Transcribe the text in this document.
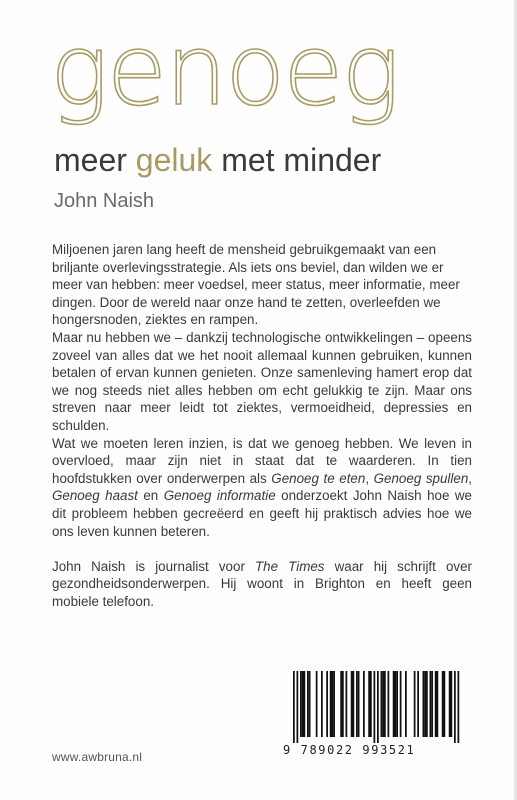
genoeg
meer geluk met minder
John Naish

Miljoenen jaren lang heeft de mensheid gebruikgemaakt van een briljante overlevingsstrategie. Als iets ons beviel, dan wilden we er meer van hebben: meer voedsel, meer status, meer informatie, meer dingen. Door de wereld naar onze hand te zetten, overleefden we hongersnoden, ziektes en rampen.

Maar nu hebben we – dankzij technologische ontwikkelingen – opeens zoveel van alles dat we het nooit allemaal kunnen gebruiken, kunnen betalen of ervan kunnen genieten. Onze samenleving hamert erop dat we nog steeds niet alles hebben om echt gelukkig te zijn. Maar ons streven naar meer leidt tot ziektes, vermoeidheid, depressies en schulden.

Wat we moeten leren inzien, is dat we genoeg hebben. We leven in overvloed, maar zijn niet in staat dat te waarderen. In tien hoofdstukken over onderwerpen als Genoeg te eten, Genoeg spullen, Genoeg haast en Genoeg informatie onderzoekt John Naish hoe we dit probleem hebben gecreëerd en geeft hij praktisch advies hoe we ons leven kunnen beteren.

John Naish is journalist voor The Times waar hij schrijft over gezondheidsonderwerpen. Hij woont in Brighton en heeft geen mobiele telefoon.

www.awbruna.nl	9 789022 993521
